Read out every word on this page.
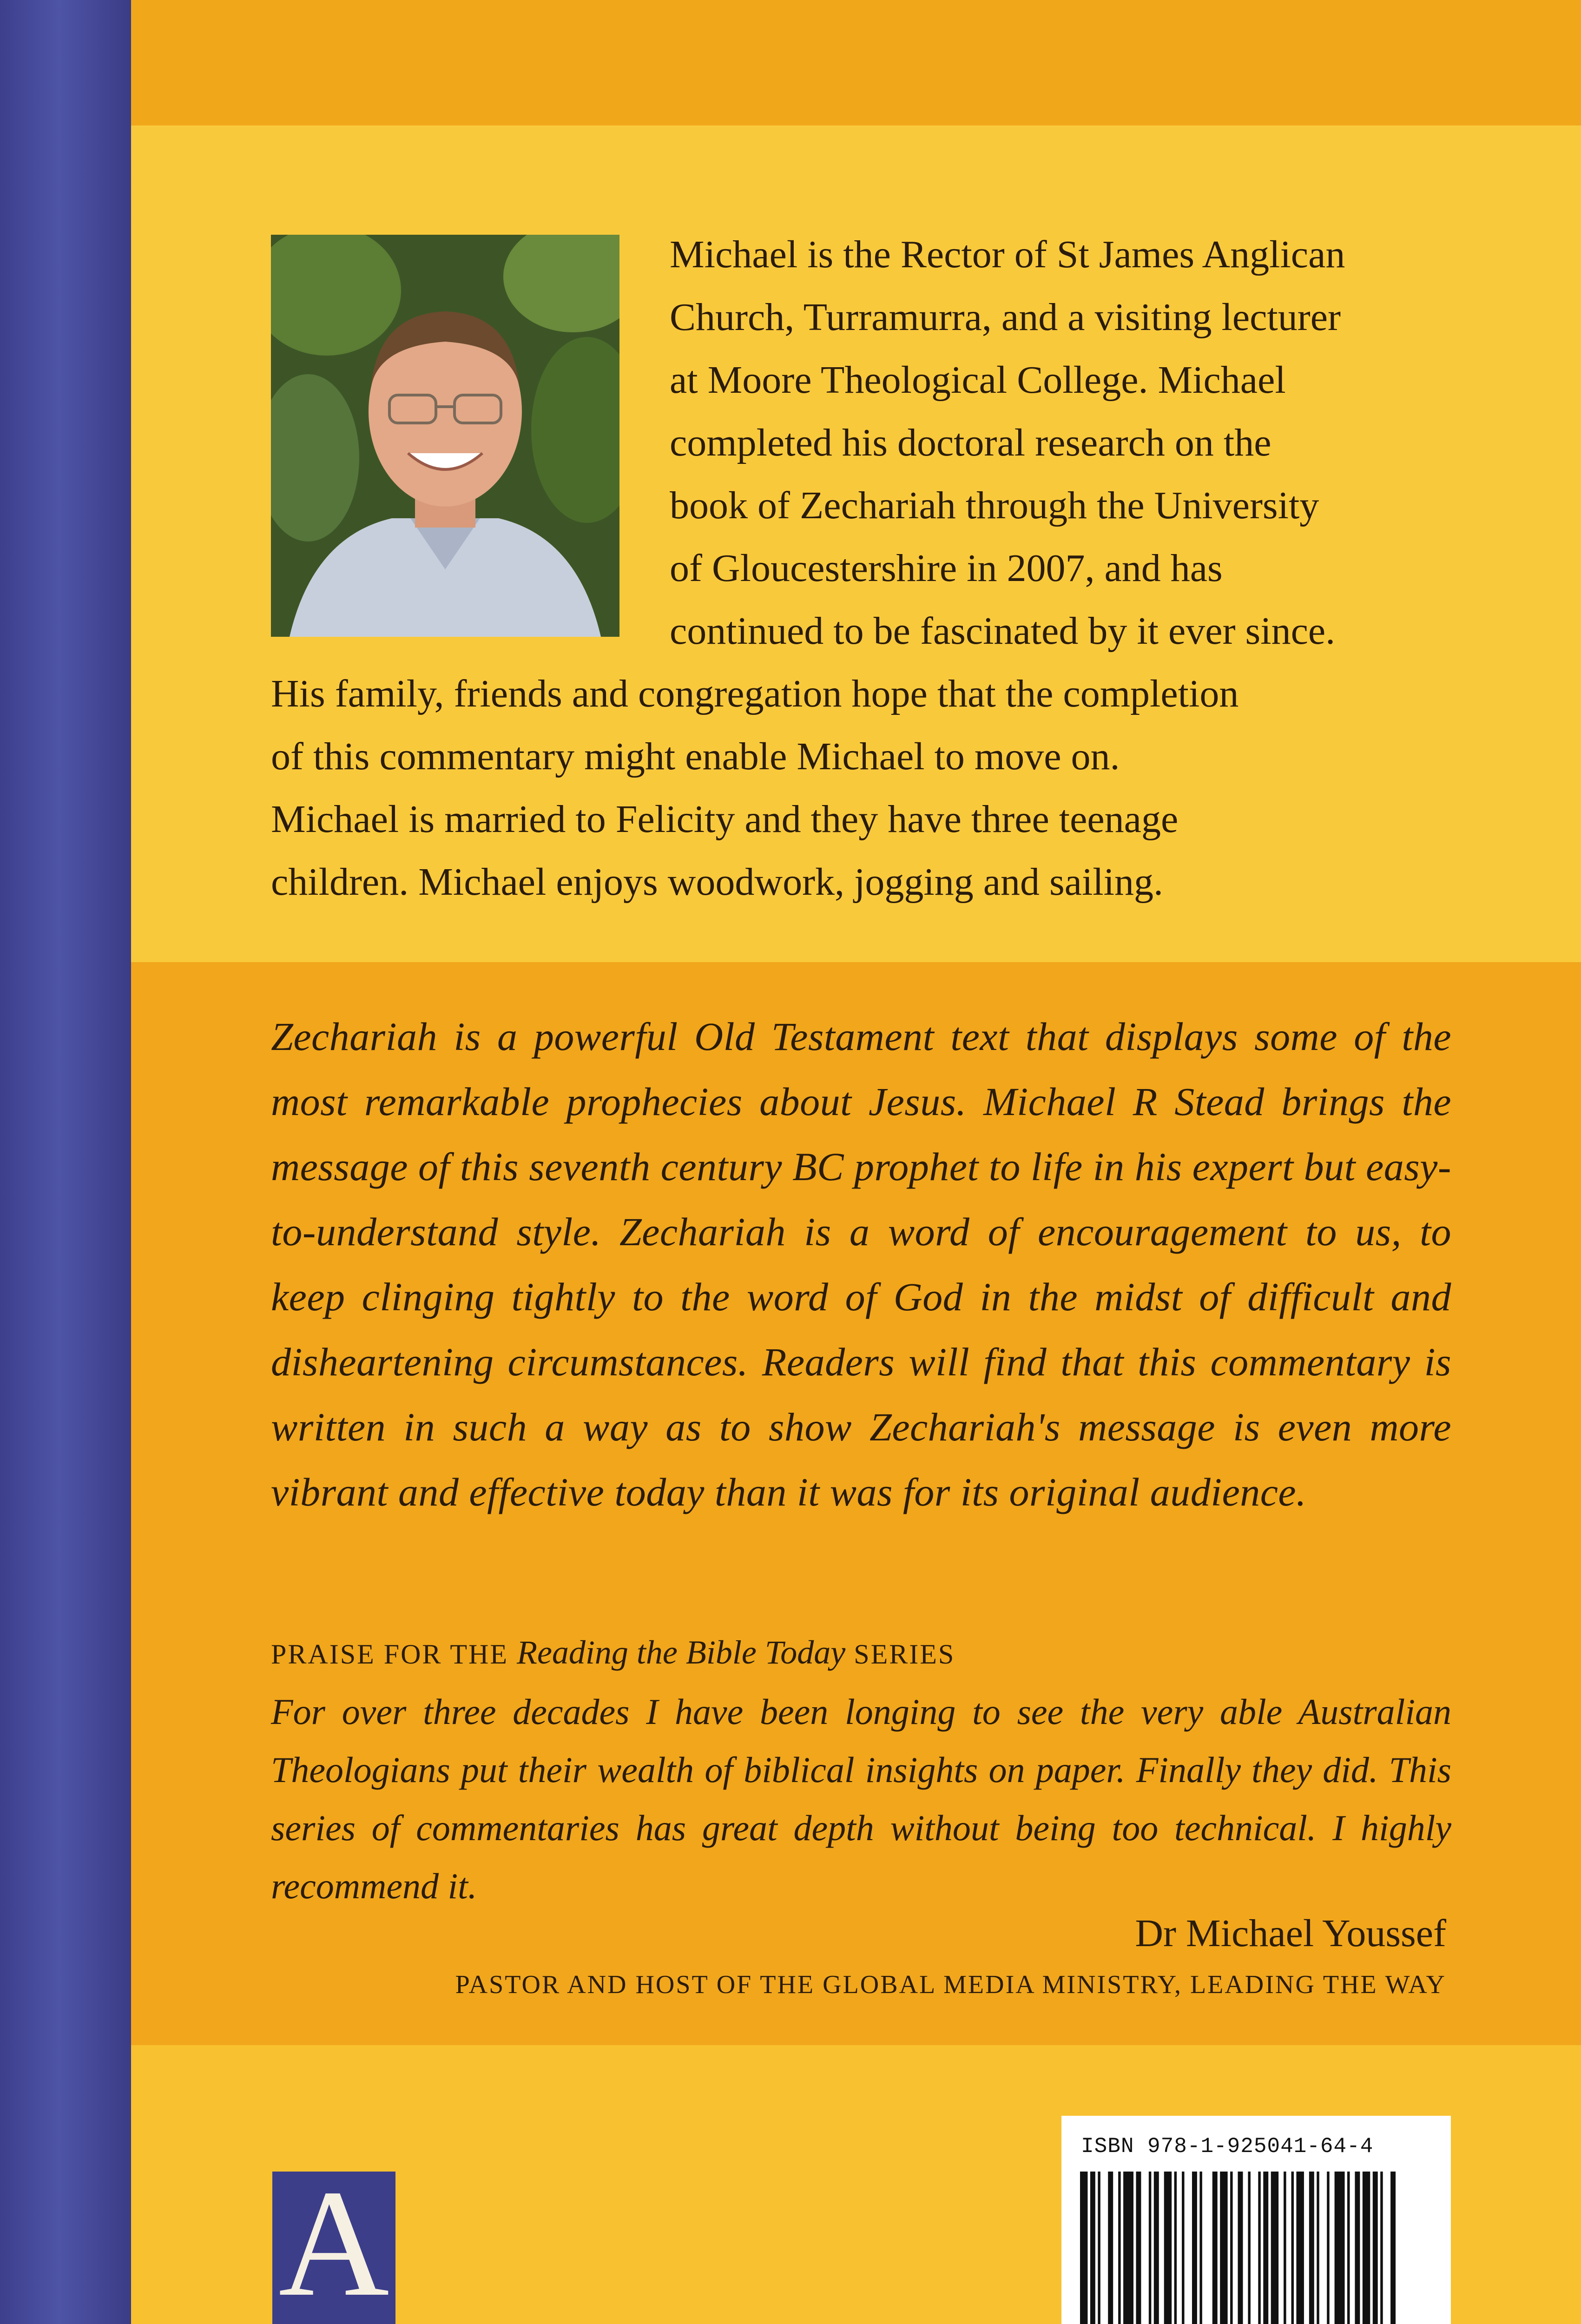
Michael is the Rector of St James Anglican
Church, Turramurra, and a visiting lecturer
at Moore Theological College. Michael
completed his doctoral research on the
book of Zechariah through the University
of Gloucestershire in 2007, and has
continued to be fascinated by it ever since.
His family, friends and congregation hope that the completion
of this commentary might enable Michael to move on.
Michael is married to Felicity and they have three teenage
children. Michael enjoys woodwork, jogging and sailing.
Zechariah is a powerful Old Testament text that displays some of the most remarkable prophecies about Jesus. Michael R Stead brings the message of this seventh century BC prophet to life in his expert but easy-to-understand style. Zechariah is a word of encouragement to us, to keep clinging tightly to the word of God in the midst of difficult and disheartening circumstances. Readers will find that this commentary is written in such a way as to show Zechariah's message is even more vibrant and effective today than it was for its original audience.
PRAISE FOR THE Reading the Bible Today SERIES
For over three decades I have been longing to see the very able Australian Theologians put their wealth of biblical insights on paper. Finally they did. This series of commentaries has great depth without being too technical. I highly recommend it.
Dr Michael Youssef
PASTOR AND HOST OF THE GLOBAL MEDIA MINISTRY, LEADING THE WAY
A
ISBN 978-1-925041-64-4
